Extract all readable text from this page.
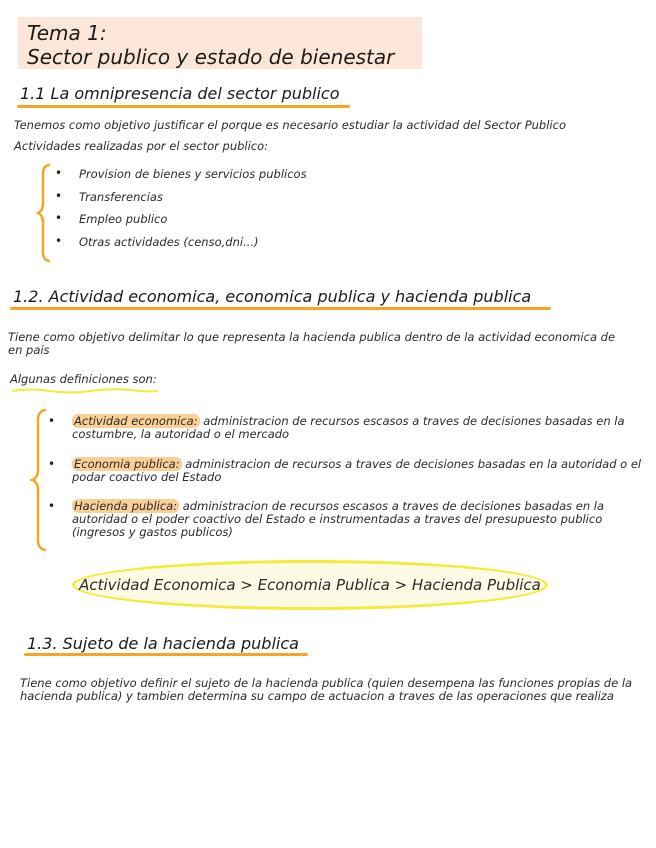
Tema 1:
Sector publico y estado de bienestar
1.1 La omnipresencia del sector publico
Tenemos como objetivo justificar el porque es necesario estudiar la actividad del Sector Publico
Actividades realizadas por el sector publico:
• Provision de bienes y servicios publicos
• Transferencias
• Empleo publico
• Otras actividades (censo,dni...)
1.2. Actividad economica, economica publica y hacienda publica
Tiene como objetivo delimitar lo que representa la hacienda publica dentro de la actividad economica de en pais
Algunas definiciones son:
• Actividad economica: administracion de recursos escasos a traves de decisiones basadas en la costumbre, la autoridad o el mercado
• Economia publica: administracion de recursos a traves de decisiones basadas en la autoridad o el podar coactivo del Estado
• Hacienda publica: administracion de recursos escasos a traves de decisiones basadas en la autoridad o el poder coactivo del Estado e instrumentadas a traves del presupuesto publico (ingresos y gastos publicos)
Actividad Economica > Economia Publica > Hacienda Publica
1.3. Sujeto de la hacienda publica
Tiene como objetivo definir el sujeto de la hacienda publica (quien desempena las funciones propias de la hacienda publica) y tambien determina su campo de actuacion a traves de las operaciones que realiza
